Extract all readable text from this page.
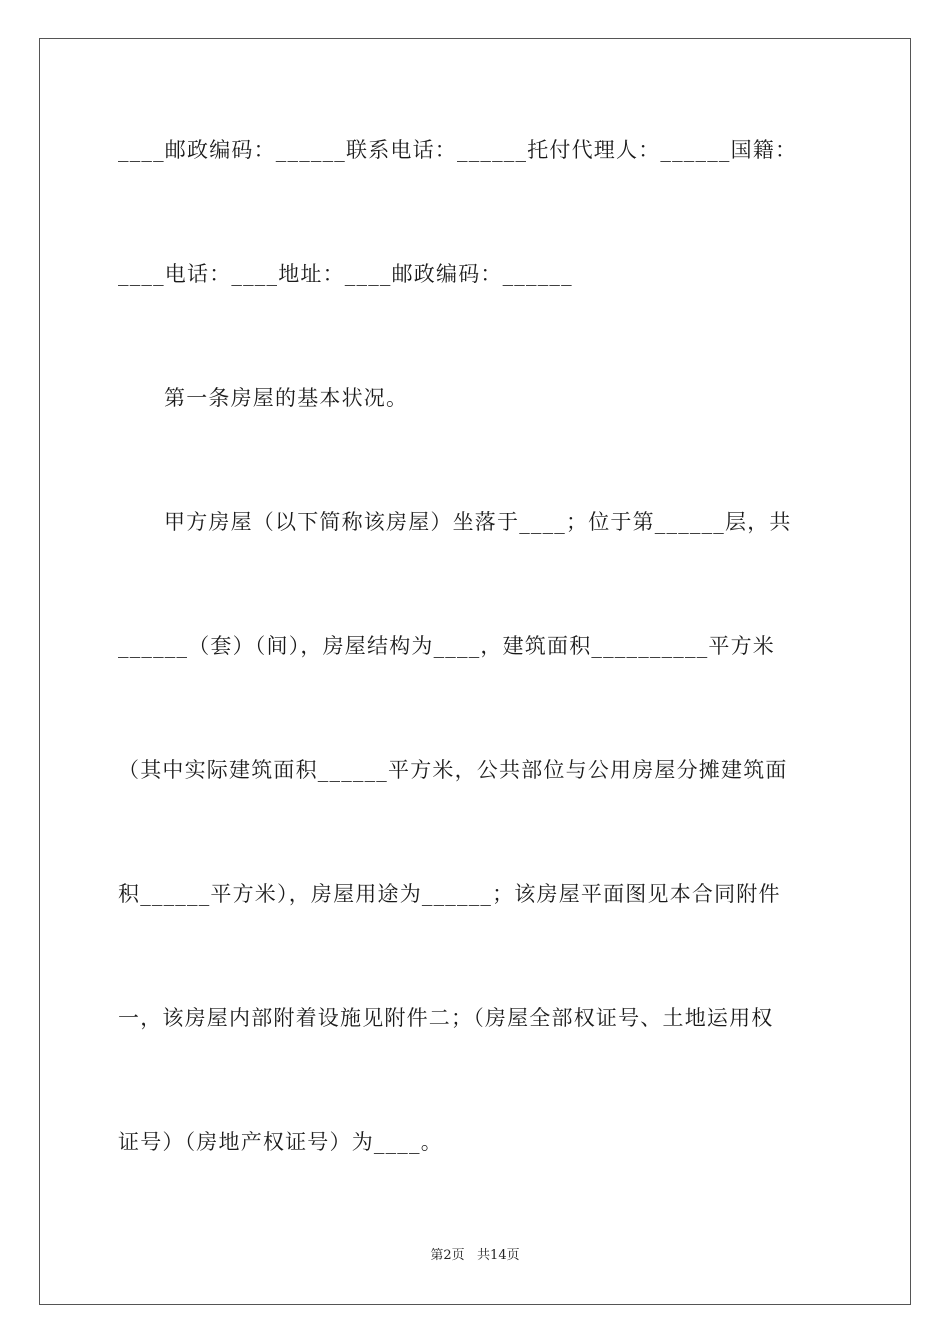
____邮政编码：______联系电话：______托付代理人：______国籍：
____电话：____地址：____邮政编码：______
第一条房屋的基本状况。
甲方房屋（以下简称该房屋）坐落于____；位于第______层，共
______（套）（间），房屋结构为____，建筑面积__________平方米
（其中实际建筑面积______平方米，公共部位与公用房屋分摊建筑面
积______平方米），房屋用途为______；该房屋平面图见本合同附件
一，该房屋内部附着设施见附件二；（房屋全部权证号、土地运用权
证号）（房地产权证号）为____。
第2页   共14页
